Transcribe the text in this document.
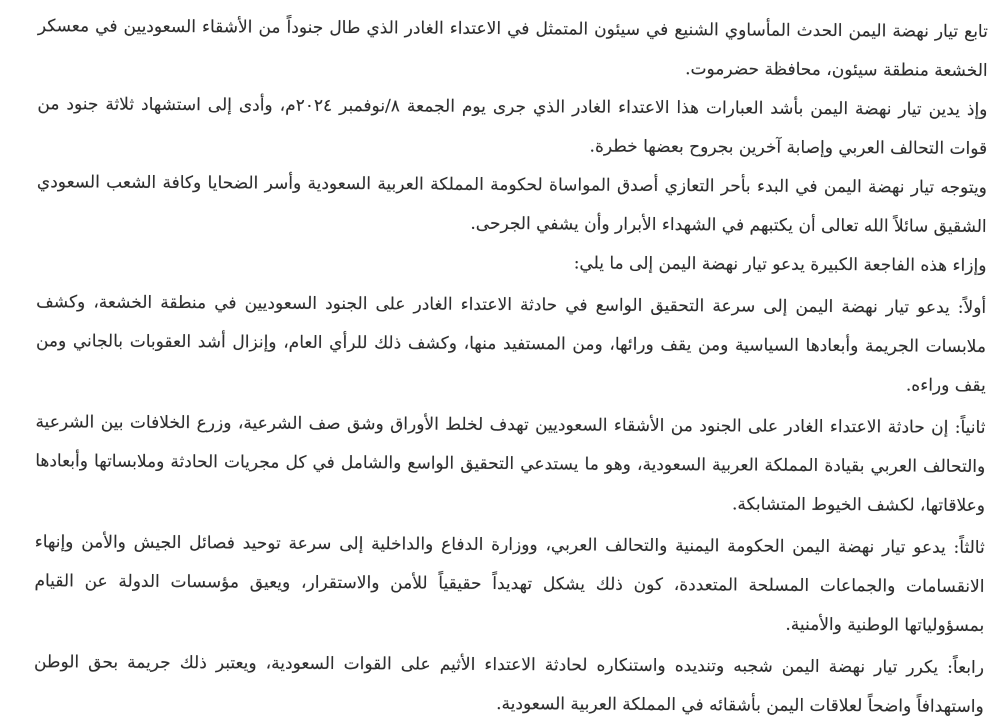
تابع تيار نهضة اليمن الحدث المأساوي الشنيع في سيئون المتمثل في الاعتداء الغادر الذي طال جنوداً من الأشقاء السعوديين في معسكر الخشعة منطقة سيئون، محافظة حضرموت.

وإذ يدين تيار نهضة اليمن بأشد العبارات هذا الاعتداء الغادر الذي جرى يوم الجمعة ٨/نوفمبر ٢٠٢٤م، وأدى إلى استشهاد ثلاثة جنود من قوات التحالف العربي وإصابة آخرين بجروح بعضها خطرة.

ويتوجه تيار نهضة اليمن في البدء بأحر التعازي أصدق المواساة لحكومة المملكة العربية السعودية وأسر الضحايا وكافة الشعب السعودي الشقيق سائلاً الله تعالى أن يكتبهم في الشهداء الأبرار وأن يشفي الجرحى.

وإزاء هذه الفاجعة الكبيرة يدعو تيار نهضة اليمن إلى ما يلي:

أولاً: يدعو تيار نهضة اليمن إلى سرعة التحقيق الواسع في حادثة الاعتداء الغادر على الجنود السعوديين في منطقة الخشعة، وكشف ملابسات الجريمة وأبعادها السياسية ومن يقف ورائها، ومن المستفيد منها، وكشف ذلك للرأي العام، وإنزال أشد العقوبات بالجاني ومن يقف وراءه.

ثانياً: إن حادثة الاعتداء الغادر على الجنود من الأشقاء السعوديين تهدف لخلط الأوراق وشق صف الشرعية، وزرع الخلافات بين الشرعية والتحالف العربي بقيادة المملكة العربية السعودية، وهو ما يستدعي التحقيق الواسع والشامل في كل مجريات الحادثة وملابساتها وأبعادها وعلاقاتها، لكشف الخيوط المتشابكة.

ثالثاً: يدعو تيار نهضة اليمن الحكومة اليمنية والتحالف العربي، ووزارة الدفاع والداخلية إلى سرعة توحيد فصائل الجيش والأمن وإنهاء الانقسامات والجماعات المسلحة المتعددة، كون ذلك يشكل تهديداً حقيقياً للأمن والاستقرار، ويعيق مؤسسات الدولة عن القيام بمسؤولياتها الوطنية والأمنية.

رابعاً: يكرر تيار نهضة اليمن شجبه وتنديده واستنكاره لحادثة الاعتداء الأثيم على القوات السعودية، ويعتبر ذلك جريمة بحق الوطن واستهدافاً واضحاً لعلاقات اليمن بأشقائه في المملكة العربية السعودية.
